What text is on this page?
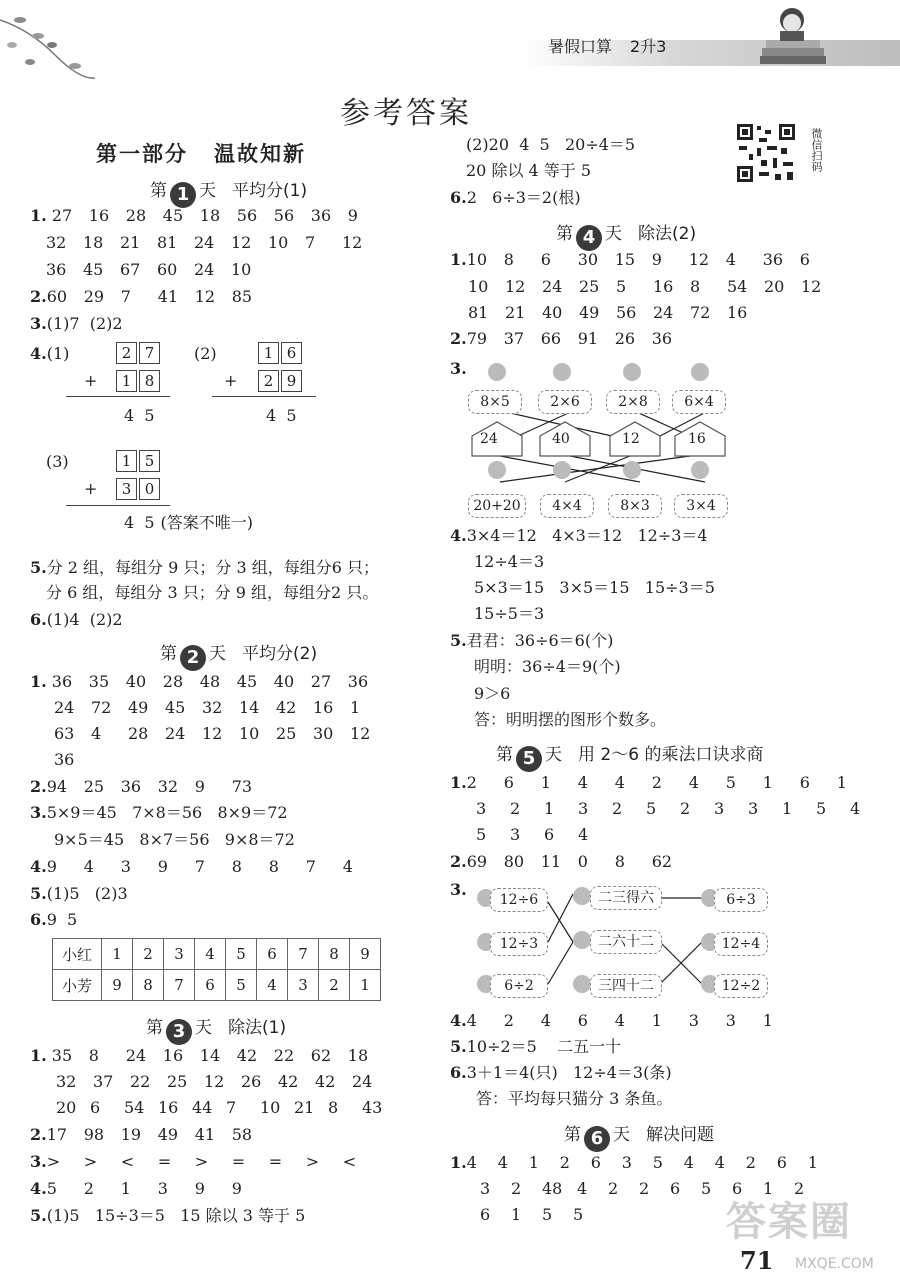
暑假口算 2升3
参考答案
第一部分 温故知新	微信扫码
第 1 天 平均分(1)
1. 27 16 28 45 18 56 56 36 9
32 18 21 81 24 12 10 7 12
36 45 67 60 24 10
2.60 29 7 41 12 85
3.(1)7  (2)2
4.(1)	2 7
+	1 8
4  5
(2)	1 6
+	2 9
4  5
(3)	1 5
+	3 0
4  5 (答案不唯一)
5.分 2 组，每组分 9 只；分 3 组，每组分6 只；
分 6 组，每组分 3 只；分 9 组，每组分2 只。
6.(1)4  (2)2
第 2 天 平均分(2)
1. 36 35 40 28 48 45 40 27 36
24 72 49 45 32 14 42 16 1
63 4 28 24 12 10 25 30 12
36
2.94 25 36 32 9 73
3.5×9＝45   7×8＝56   8×9＝72
9×5＝45   8×7＝56   9×8＝72
4.9 4 3 9 7 8 8 7 4
5.(1)5   (2)3
6.9  5
小红	1	2	3	4	5	6	7	8	9
小芳	9	8	7	6	5	4	3	2	1
第 3 天 除法(1)
1. 35 8 24 16 14 42 22 62 18
32 37 22 25 12 26 42 42 24
20 6 54 16 44 7 10 21 8 43
2.17 98 19 49 41 58
3.> > < = > = = > <
4.5 2 1 3 9 9
5.(1)5   15÷3＝5   15 除以 3 等于 5
(2)20  4  5   20÷4＝5
20 除以 4 等于 5
6.2   6÷3＝2(根)
第 4 天 除法(2)
1.10 8 6 30 15 9 12 4 36 6
10 12 24 25 5 16 8 54 20 12
81 21 40 49 56 24 72 16
2.79 37 66 91 26 36
3.
8×5	2×6	2×8	6×4
24	40	12	16
20+20	4×4	8×3	3×4
4.3×4＝12   4×3＝12   12÷3＝4
12÷4＝3
5×3＝15   3×5＝15   15÷3＝5
15÷5＝3
5.君君：36÷6＝6(个)
明明：36÷4＝9(个)
9＞6
答：明明摆的图形个数多。
第 5 天 用 2～6 的乘法口诀求商
1.2 6 1 4 4 2 4 5 1 6 1
3 2 1 3 2 5 2 3 3 1 5 4
5 3 6 4
2.69 80 11 0 8 62
3.
12÷6
12÷3
6÷2
二三得六
二六十二
三四十二
6÷3
12÷4
12÷2
4.4 2 4 6 4 1 3 3 1
5.10÷2＝5    二五一十
6.3＋1＝4(只)   12÷4＝3(条)
答：平均每只猫分 3 条鱼。
第 6 天 解决问题
1.4 4 1 2 6 3 5 4 4 2 6 1
3 2 48 4 2 2 6 5 6 1 2
6 1 5 5	答案圈
MXQE.COM
71
